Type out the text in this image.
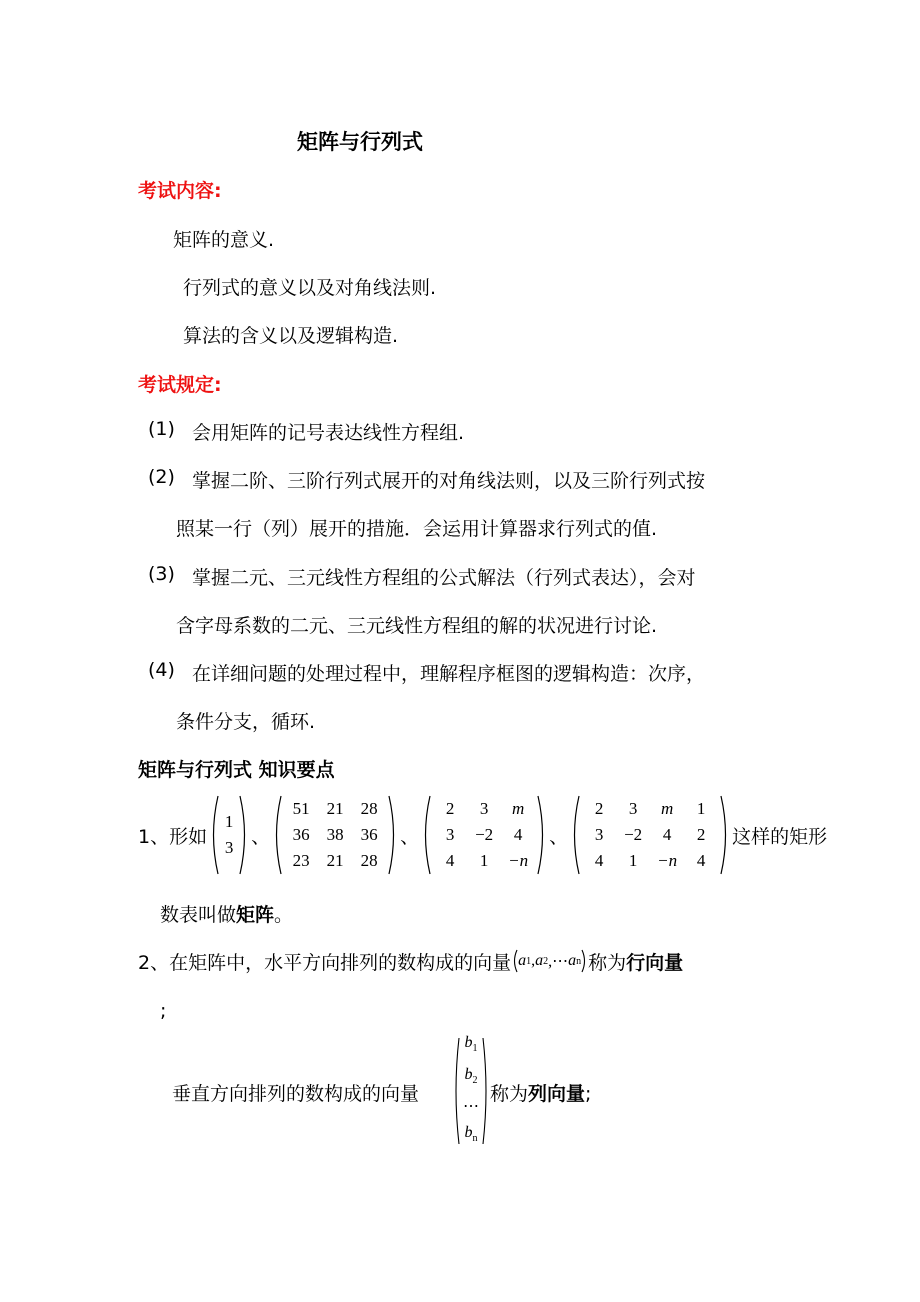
矩阵与行列式
考试内容:
矩阵的意义.
行列式的意义以及对角线法则.
算法的含义以及逻辑构造.
考试规定:
(1) 会用矩阵的记号表达线性方程组.
(2) 掌握二阶、三阶行列式展开的对角线法则，以及三阶行列式按
照某一行（列）展开的措施．会运用计算器求行列式的值.
(3) 掌握二元、三元线性方程组的公式解法（行列式表达），会对
含字母系数的二元、三元线性方程组的解的状况进行讨论.
(4) 在详细问题的处理过程中，理解程序框图的逻辑构造：次序，
条件分支，循环.
矩阵与行列式 知识要点
1、形如
1
3 、
51	21	28
36	38	36
23	21	28
、
2	3	m
3	−2	4
4	1	−n
、
2	3	m	1
3	−2	4	2
4	1	−n	4
这样的矩形
数表叫做矩阵。
2、在矩阵中，水平方向排列的数构成的向量 a 1 , a 2 ,⋯ a n 称为 行向量
;
垂直方向排列的数构成的向量
$b_1$
$b_2$
⋯
$b_n$
称为列向量;
